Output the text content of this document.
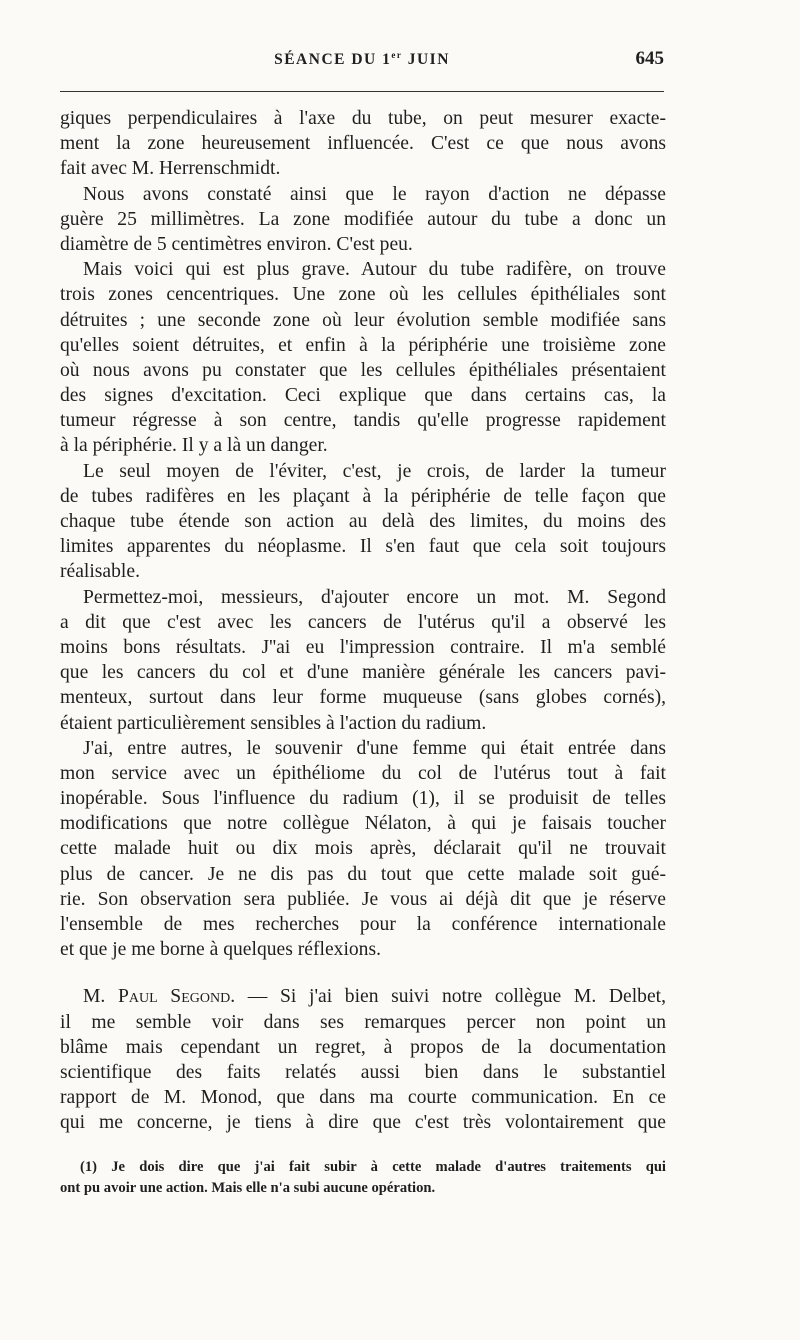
SÉANCE DU 1er JUIN	645
giques perpendiculaires à l'axe du tube, on peut mesurer exacte-
ment la zone heureusement influencée. C'est ce que nous avons
fait avec M. Herrenschmidt.
Nous avons constaté ainsi que le rayon d'action ne dépasse
guère 25 millimètres. La zone modifiée autour du tube a donc un
diamètre de 5 centimètres environ. C'est peu.
Mais voici qui est plus grave. Autour du tube radifère, on trouve
trois zones cencentriques. Une zone où les cellules épithéliales sont
détruites ; une seconde zone où leur évolution semble modifiée sans
qu'elles soient détruites, et enfin à la périphérie une troisième zone
où nous avons pu constater que les cellules épithéliales présentaient
des signes d'excitation. Ceci explique que dans certains cas, la
tumeur régresse à son centre, tandis qu'elle progresse rapidement
à la périphérie. Il y a là un danger.
Le seul moyen de l'éviter, c'est, je crois, de larder la tumeur
de tubes radifères en les plaçant à la périphérie de telle façon que
chaque tube étende son action au delà des limites, du moins des
limites apparentes du néoplasme. Il s'en faut que cela soit toujours
réalisable.
Permettez-moi, messieurs, d'ajouter encore un mot. M. Segond
a dit que c'est avec les cancers de l'utérus qu'il a observé les
moins bons résultats. J''ai eu l'impression contraire. Il m'a semblé
que les cancers du col et d'une manière générale les cancers pavi-
menteux, surtout dans leur forme muqueuse (sans globes cornés),
étaient particulièrement sensibles à l'action du radium.
J'ai, entre autres, le souvenir d'une femme qui était entrée dans
mon service avec un épithéliome du col de l'utérus tout à fait
inopérable. Sous l'influence du radium (1), il se produisit de telles
modifications que notre collègue Nélaton, à qui je faisais toucher
cette malade huit ou dix mois après, déclarait qu'il ne trouvait
plus de cancer. Je ne dis pas du tout que cette malade soit gué-
rie. Son observation sera publiée. Je vous ai déjà dit que je réserve
l'ensemble de mes recherches pour la conférence internationale
et que je me borne à quelques réflexions.
M. Paul Segond. — Si j'ai bien suivi notre collègue M. Delbet,
il me semble voir dans ses remarques percer non point un
blâme mais cependant un regret, à propos de la documentation
scientifique des faits relatés aussi bien dans le substantiel
rapport de M. Monod, que dans ma courte communication. En ce
qui me concerne, je tiens à dire que c'est très volontairement que
(1) Je dois dire que j'ai fait subir à cette malade d'autres traitements qui
ont pu avoir une action. Mais elle n'a subi aucune opération.
